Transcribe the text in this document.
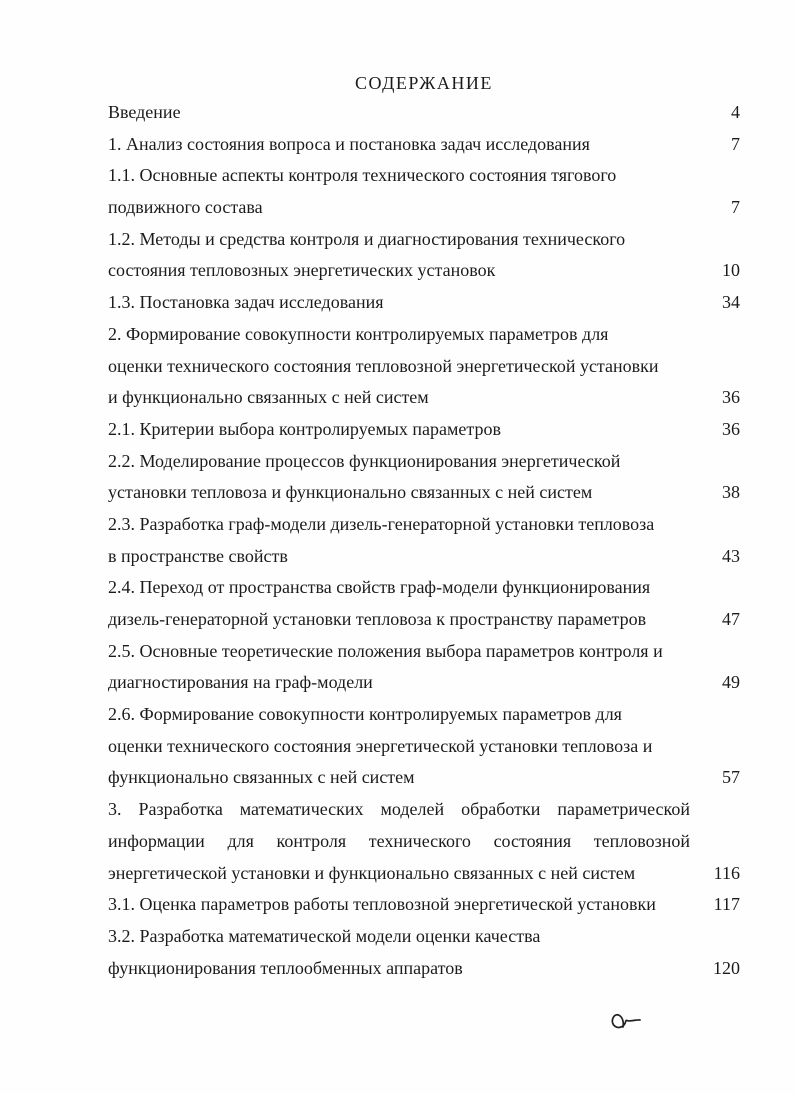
СОДЕРЖАНИЕ
Введение	4
1. Анализ состояния вопроса и постановка задач исследования	7
1.1. Основные аспекты контроля технического состояния тягового
подвижного состава	7
1.2. Методы и средства контроля и диагностирования технического
состояния тепловозных энергетических установок	10
1.3. Постановка задач исследования	34
2. Формирование совокупности контролируемых параметров для
оценки технического состояния тепловозной энергетической установки
и функционально связанных с ней систем	36
2.1. Критерии выбора контролируемых параметров	36
2.2. Моделирование процессов функционирования энергетической
установки тепловоза и функционально связанных с ней систем	38
2.3. Разработка граф-модели дизель-генераторной установки тепловоза
в пространстве свойств	43
2.4. Переход от пространства свойств граф-модели функционирования
дизель-генераторной установки тепловоза к пространству параметров	47
2.5. Основные теоретические положения выбора параметров контроля и
диагностирования на граф-модели	49
2.6. Формирование совокупности контролируемых параметров для
оценки технического состояния энергетической установки тепловоза и
функционально связанных с ней систем	57
3. Разработка математических моделей обработки параметрической
информации для контроля технического состояния тепловозной
энергетической установки и функционально связанных с ней систем	116
3.1. Оценка параметров работы тепловозной энергетической установки	117
3.2. Разработка математической модели оценки качества
функционирования теплообменных аппаратов	120
